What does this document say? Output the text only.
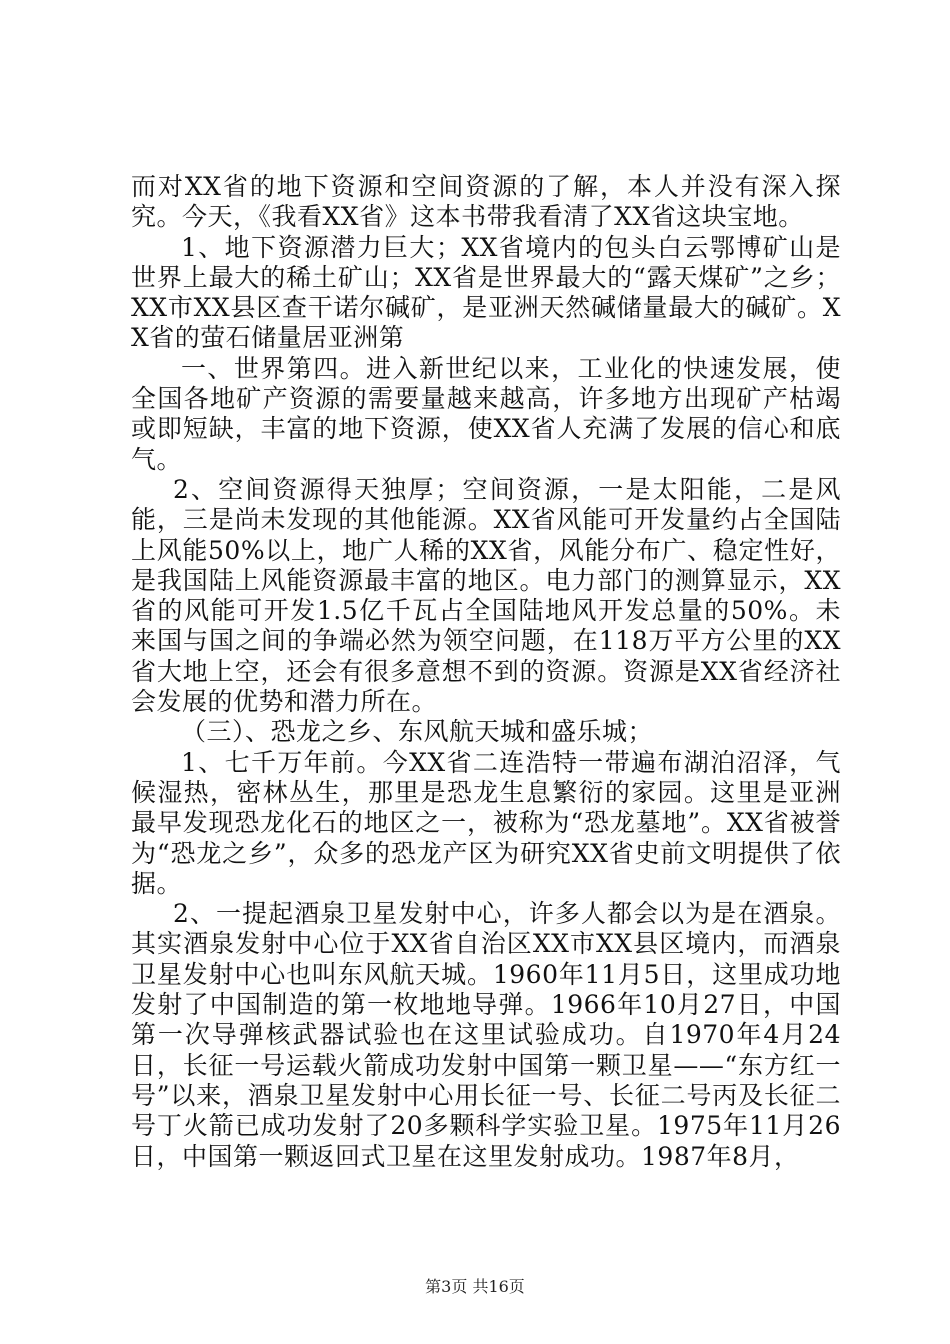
而对XX省的地下资源和空间资源的了解，本人并没有深入探究。今天，《我看XX省》这本书带我看清了XX省这块宝地。

1、地下资源潜力巨大；XX省境内的包头白云鄂博矿山是世界上最大的稀土矿山；XX省是世界最大的“露天煤矿”之乡；XX市XX县区查干诺尔碱矿，是亚洲天然碱储量最大的碱矿。XX省的萤石储量居亚洲第

一、世界第四。进入新世纪以来，工业化的快速发展，使全国各地矿产资源的需要量越来越高，许多地方出现矿产枯竭或即短缺，丰富的地下资源，使XX省人充满了发展的信心和底气。

2、空间资源得天独厚；空间资源，一是太阳能，二是风能，三是尚未发现的其他能源。XX省风能可开发量约占全国陆上风能50%以上，地广人稀的XX省，风能分布广、稳定性好，是我国陆上风能资源最丰富的地区。电力部门的测算显示，XX省的风能可开发1.5亿千瓦占全国陆地风开发总量的50%。未来国与国之间的争端必然为领空问题，在118万平方公里的XX省大地上空，还会有很多意想不到的资源。资源是XX省经济社会发展的优势和潜力所在。

（三）、恐龙之乡、东风航天城和盛乐城；

1、七千万年前。今XX省二连浩特一带遍布湖泊沼泽，气候湿热，密林丛生，那里是恐龙生息繁衍的家园。这里是亚洲最早发现恐龙化石的地区之一，被称为“恐龙墓地”。XX省被誉为“恐龙之乡”，众多的恐龙产区为研究XX省史前文明提供了依据。

2、一提起酒泉卫星发射中心，许多人都会以为是在酒泉。其实酒泉发射中心位于XX省自治区XX市XX县区境内，而酒泉卫星发射中心也叫东风航天城。1960年11月5日，这里成功地发射了中国制造的第一枚地地导弹。1966年10月27日，中国第一次导弹核武器试验也在这里试验成功。自1970年4月24日，长征一号运载火箭成功发射中国第一颗卫星——“东方红一号”以来，酒泉卫星发射中心用长征一号、长征二号丙及长征二号丁火箭已成功发射了20多颗科学实验卫星。1975年11月26日，中国第一颗返回式卫星在这里发射成功。1987年8月，

第3页 共16页
